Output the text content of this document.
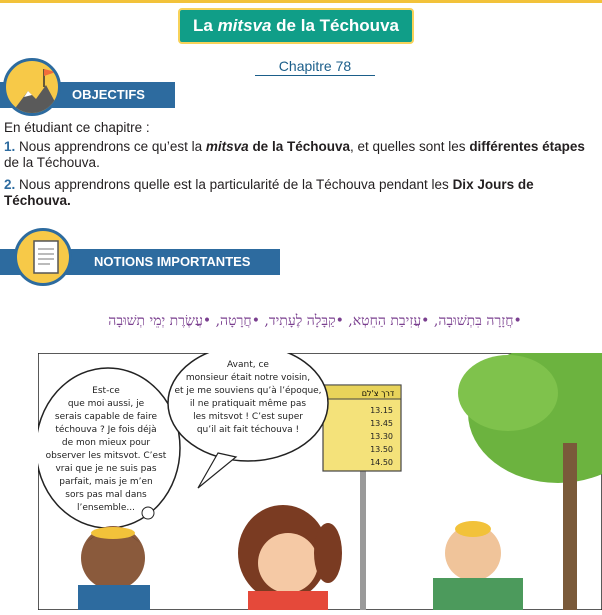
La mitsva de la Téchouva
Chapitre 78
OBJECTIFS
En étudiant ce chapitre :
1. Nous apprendrons ce qu’est la mitsva de la Téchouva, et quelles sont les différentes étapes de la Téchouva.
2. Nous apprendrons quelle est la particularité de la Téchouva pendant les Dix Jours de Téchouva.
NOTIONS IMPORTANTES
•חֲזָרָה בִּתְשׁוּבָה, •עֲזִיבַת הַחֵטְא, •קַבָּלָה לֶעָתִיד, •חֲרָטָה, •עֲשֶׂרֶת יְמֵי תְשׁוּבָה
דרך צ'לם
13.15
13.45
13.30
13.50
14.50
Est-ce
que moi aussi, je
serais capable de faire
téchouva ? Je fois déjà
de mon mieux pour
observer les mitsvot. C’est
vrai que je ne suis pas
parfait, mais je m’en
sors pas mal dans
l’ensemble...
Avant, ce
monsieur était notre voisin,
et je me souviens qu’à l’époque,
il ne pratiquait même pas
les mitsvot ! C’est super
qu’il ait fait téchouva !
